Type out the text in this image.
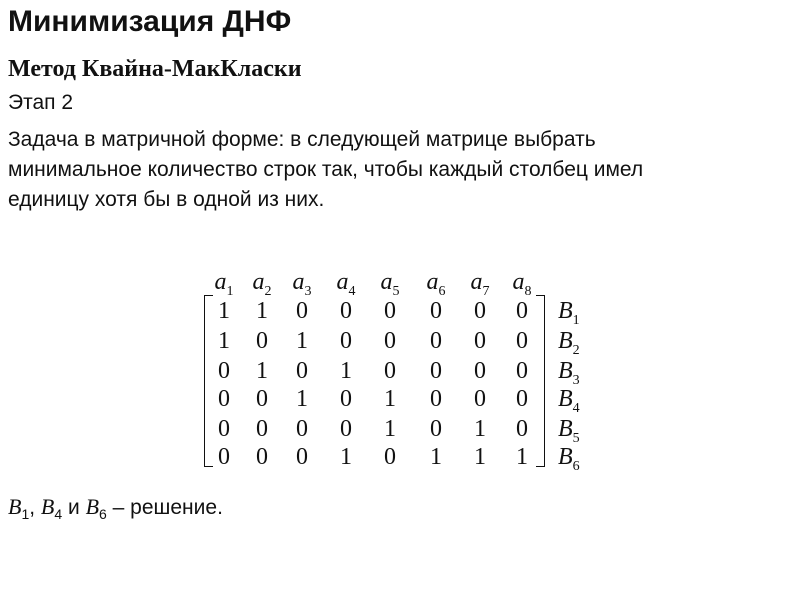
Минимизация ДНФ
Метод Квайна-МакКласки
Этап 2
Задача в матричной форме: в следующей матрице выбрать
минимальное количество строк так, чтобы каждый столбец имел
единицу хотя бы в одной из них.
$a_1$ $a_2$ $a_3$ $a_4$ $a_5$ $a_6$ $a_7$ $a_8$
1	1	0	0	0	0	0	0	$B_1$
1	0	1	0	0	0	0	0	$B_2$
0	1	0	1	0	0	0	0	$B_3$
0	0	1	0	1	0	0	0	$B_4$
0	0	0	0	1	0	1	0	$B_5$
0	0	0	1	0	1	1	1	$B_6$
$B_1$, $B_4$ и $B_6$ – решение.
